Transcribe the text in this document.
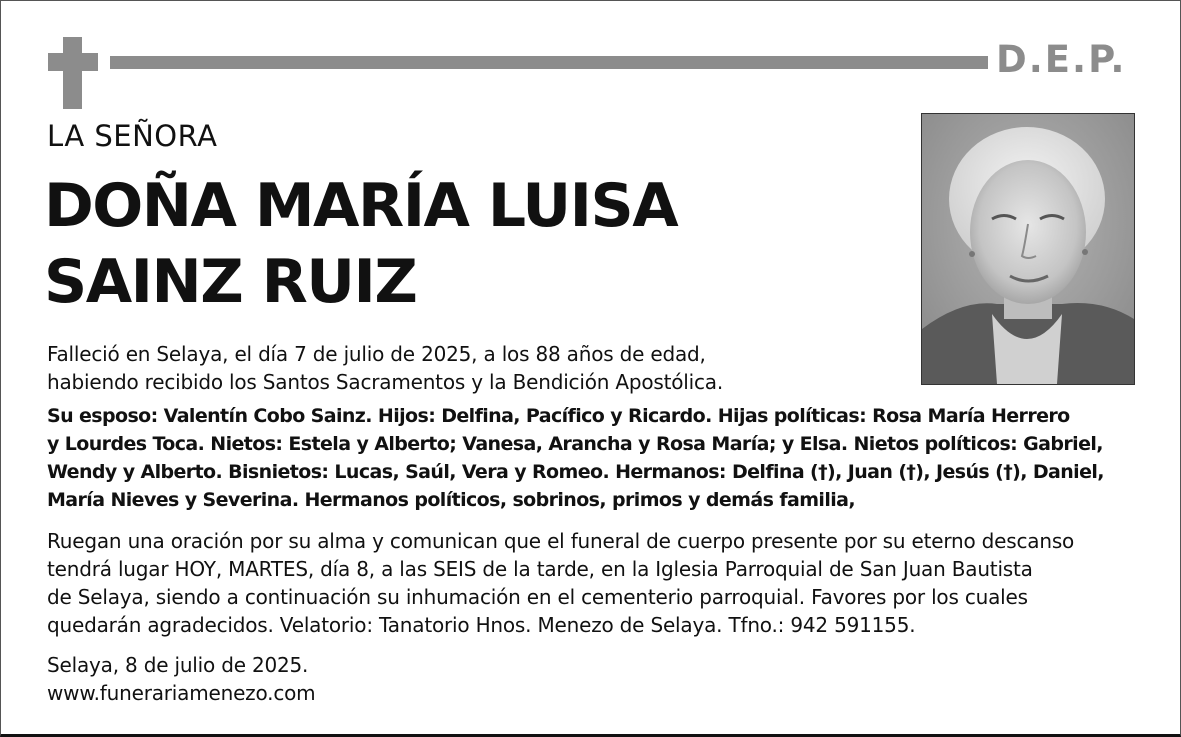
D.E.P.
LA SEÑORA
DOÑA MARÍA LUISA
SAINZ RUIZ

Falleció en Selaya, el día 7 de julio de 2025, a los 88 años de edad,
habiendo recibido los Santos Sacramentos y la Bendición Apostólica.

Su esposo: Valentín Cobo Sainz. Hijos: Delfina, Pacífico y Ricardo. Hijas políticas: Rosa María Herrero
y Lourdes Toca. Nietos: Estela y Alberto; Vanesa, Arancha y Rosa María; y Elsa. Nietos políticos: Gabriel,
Wendy y Alberto. Bisnietos: Lucas, Saúl, Vera y Romeo. Hermanos: Delfina (†), Juan (†), Jesús (†), Daniel,
María Nieves y Severina. Hermanos políticos, sobrinos, primos y demás familia,

Ruegan una oración por su alma y comunican que el funeral de cuerpo presente por su eterno descanso
tendrá lugar HOY, MARTES, día 8, a las SEIS de la tarde, en la Iglesia Parroquial de San Juan Bautista
de Selaya, siendo a continuación su inhumación en el cementerio parroquial. Favores por los cuales
quedarán agradecidos. Velatorio: Tanatorio Hnos. Menezo de Selaya. Tfno.: 942 591155.

Selaya, 8 de julio de 2025.
www.funerariamenezo.com
